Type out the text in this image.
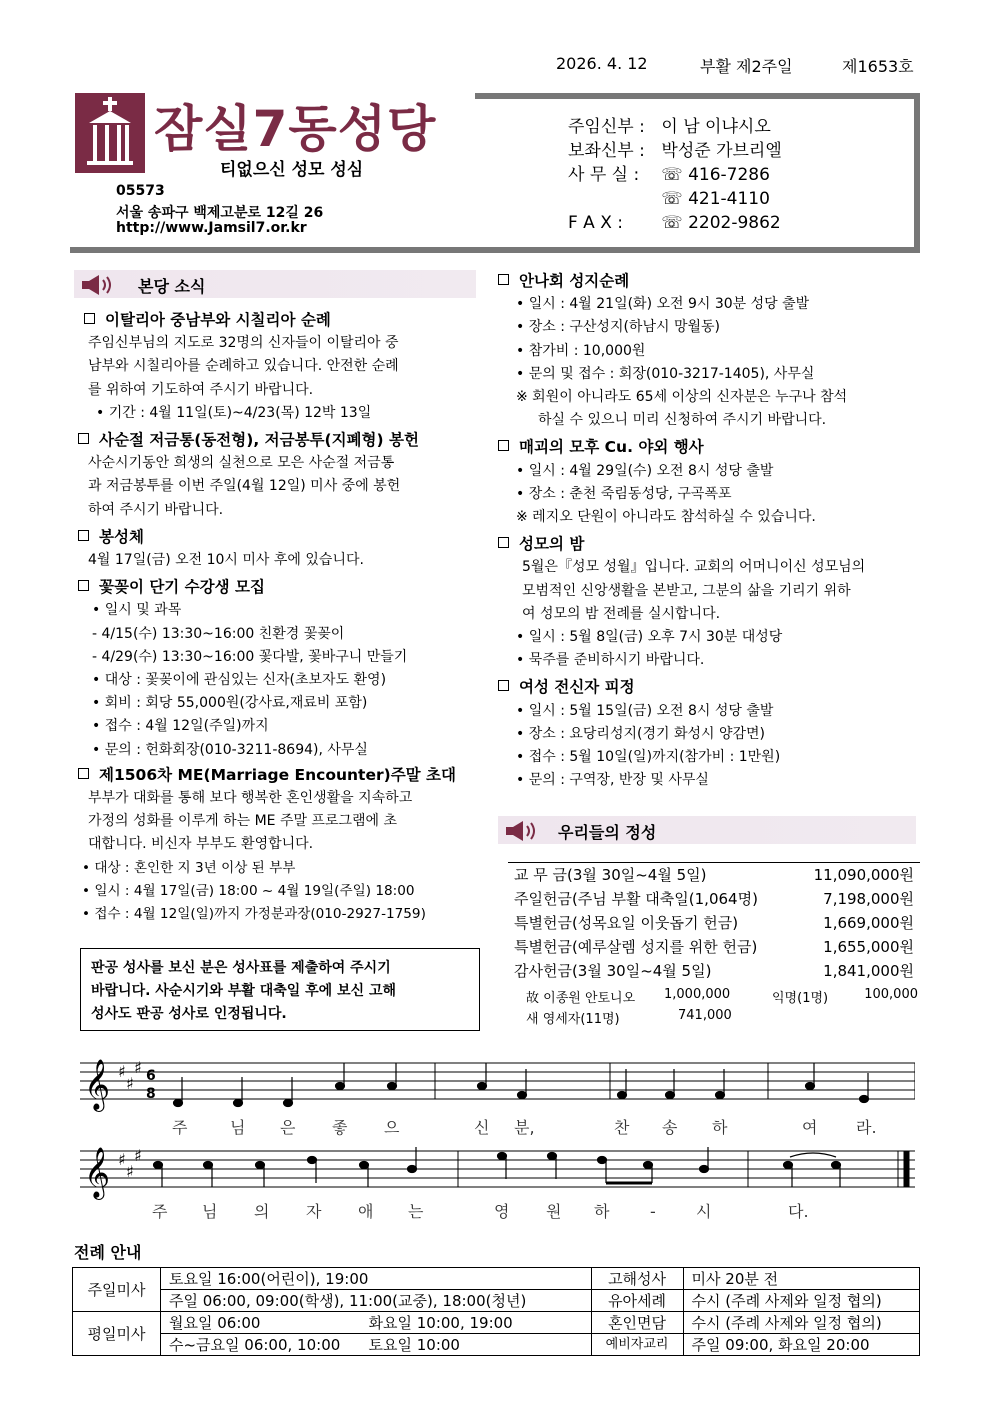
2026. 4. 12	부활 제2주일	제1653호
잠실7동성당
티없으신 성모 성심
05573
서울 송파구 백제고분로 12길 26
http://www.Jamsil7.or.kr
주임신부 : 이 남 이냐시오
보좌신부 : 박성준 가브리엘
사 무 실 : ☏ 416-7286
☏ 421-4110
F A X : ☏ 2202-9862
본당 소식
이탈리아 중남부와 시칠리아 순례
주임신부님의 지도로 32명의 신자들이 이탈리아 중
남부와 시칠리아를 순례하고 있습니다. 안전한 순례
를 위하여 기도하여 주시기 바랍니다.
• 기간 : 4월 11일(토)~4/23(목) 12박 13일
사순절 저금통(동전형), 저금봉투(지폐형) 봉헌
사순시기동안 희생의 실천으로 모은 사순절 저금통
과 저금봉투를 이번 주일(4월 12일) 미사 중에 봉헌
하여 주시기 바랍니다.
봉성체
4월 17일(금) 오전 10시 미사 후에 있습니다.
꽃꽂이 단기 수강생 모집
• 일시 및 과목
- 4/15(수) 13:30~16:00 친환경 꽃꽂이
- 4/29(수) 13:30~16:00 꽃다발, 꽃바구니 만들기
• 대상 : 꽃꽂이에 관심있는 신자(초보자도 환영)
• 회비 : 회당 55,000원(강사료,재료비 포함)
• 접수 : 4월 12일(주일)까지
• 문의 : 헌화회장(010-3211-8694), 사무실
제1506차 ME(Marriage Encounter)주말 초대
부부가 대화를 통해 보다 행복한 혼인생활을 지속하고
가정의 성화를 이루게 하는 ME 주말 프로그램에 초
대합니다. 비신자 부부도 환영합니다.
• 대상 : 혼인한 지 3년 이상 된 부부
• 일시 : 4월 17일(금) 18:00 ~ 4월 19일(주일) 18:00
• 접수 : 4월 12일(일)까지 가정분과장(010-2927-1759)
판공 성사를 보신 분은 성사표를 제출하여 주시기
바랍니다. 사순시기와 부활 대축일 후에 보신 고해
성사도 판공 성사로 인정됩니다.
안나회 성지순례
• 일시 : 4월 21일(화) 오전 9시 30분 성당 출발
• 장소 : 구산성지(하남시 망월동)
• 참가비 : 10,000원
• 문의 및 접수 : 회장(010-3217-1405), 사무실
※ 회원이 아니라도 65세 이상의 신자분은 누구나 참석
하실 수 있으니 미리 신청하여 주시기 바랍니다.
매괴의 모후 Cu. 야외 행사
• 일시 : 4월 29일(수) 오전 8시 성당 출발
• 장소 : 춘천 죽림동성당, 구곡폭포
※ 레지오 단원이 아니라도 참석하실 수 있습니다.
성모의 밤
5월은『성모 성월』입니다. 교회의 어머니이신 성모님의
모범적인 신앙생활을 본받고, 그분의 삶을 기리기 위하
여 성모의 밤 전례를 실시합니다.
• 일시 : 5월 8일(금) 오후 7시 30분 대성당
• 묵주를 준비하시기 바랍니다.
여성 전신자 피정
• 일시 : 5월 15일(금) 오전 8시 성당 출발
• 장소 : 요당리성지(경기 화성시 양감면)
• 접수 : 5월 10일(일)까지(참가비 : 1만원)
• 문의 : 구역장, 반장 및 사무실
우리들의 정성
교 무 금(3월 30일~4월 5일)	11,090,000원
주일헌금(주님 부활 대축일(1,064명)	7,198,000원
특별헌금(성목요일 이웃돕기 헌금)	1,669,000원
특별헌금(예루살렘 성지를 위한 헌금)	1,655,000원
감사헌금(3월 30일~4월 5일)	1,841,000원
故 이종원 안토니오 1,000,000	익명(1명)	100,000
새 영세자(11명)	741,000
𝄞 ♯
♯
♯ 6
8
주	님 은 좋 으	신 분,	찬 송 하	여 라.
𝄞 ♯
♯
♯
주 님 의 자 애 는	영 원 하	-	시	다.
전례 안내
주일미사	토요일 16:00(어린이), 19:00		고해성사	미사 20분 전
	주일 06:00, 09:00(학생), 11:00(교중), 18:00(청년)		유아세례	수시 (주례 사제와 일정 협의)
평일미사	월요일 06:00	화요일 10:00, 19:00	혼인면담	수시 (주례 사제와 일정 협의)
	수~금요일 06:00, 10:00	토요일 10:00	예비자교리	주일 09:00, 화요일 20:00
